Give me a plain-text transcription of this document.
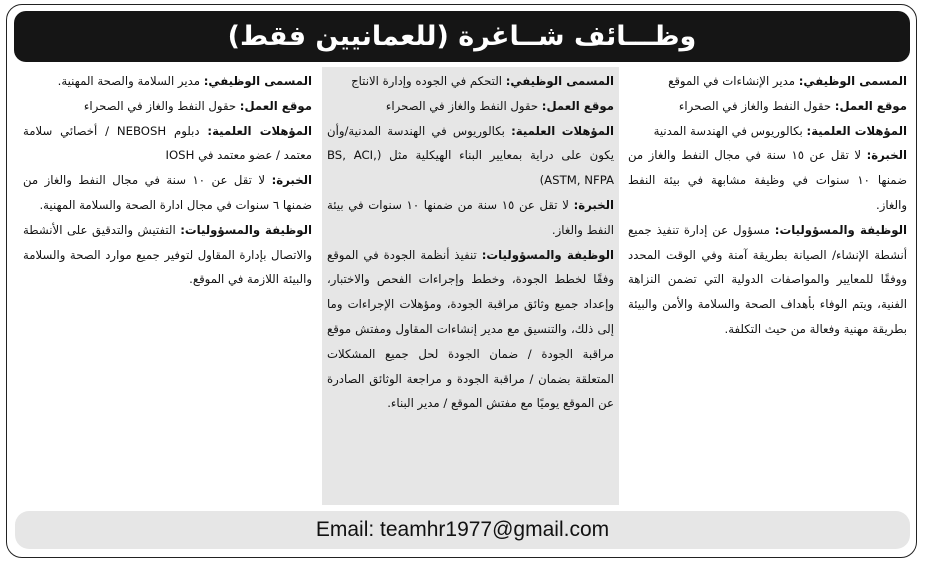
وظـــائف شــاغرة (للعمانيين فقط)

المسمى الوظيفي: مدير الإنشاءات في الموقع

موقع العمل: حقول النفط والغاز في الصحراء

المؤهلات العلمية: بكالوريوس في الهندسة المدنية

الخبرة: لا تقل عن ١٥ سنة في مجال النفط والغاز من ضمنها ١٠ سنوات في وظيفة مشابهة في بيئة النفط والغاز.

الوظيفة والمسؤوليات: مسؤول عن إدارة تنفيذ جميع أنشطة الإنشاء/ الصيانة بطريقة آمنة وفي الوقت المحدد ووفقًا للمعايير والمواصفات الدولية التي تضمن النزاهة الفنية، ويتم الوفاء بأهداف الصحة والسلامة والأمن والبيئة بطريقة مهنية وفعالة من حيث التكلفة.

المسمى الوظيفي: التحكم في الجوده وإدارة الانتاج

موقع العمل: حقول النفط والغاز في الصحراء

المؤهلات العلمية: بكالوريوس في الهندسة المدنية/وأن يكون على دراية بمعايير البناء الهيكلية مثل (BS, ACI, ASTM, NFPA)

الخبرة: لا تقل عن ١٥ سنة من ضمنها ١٠ سنوات في بيئة النفط والغاز.

الوظيفة والمسؤوليات: تنفيذ أنظمة الجودة في الموقع وفقًا لخطط الجودة، وخطط وإجراءات الفحص والاختبار، وإعداد جميع وثائق مراقبة الجودة، ومؤهلات الإجراءات وما إلى ذلك، والتنسيق مع مدير إنشاءات المقاول ومفتش موقع مراقبة الجودة / ضمان الجودة لحل جميع المشكلات المتعلقة بضمان / مراقبة الجودة و مراجعة الوثائق الصادرة عن الموقع يوميًا مع مفتش الموقع / مدير البناء.

المسمى الوظيفي: مدير السلامة والصحة المهنية.

موقع العمل: حقول النفط والغاز في الصحراء

المؤهلات العلمية: دبلوم NEBOSH / أخصائي سلامة معتمد / عضو معتمد في IOSH

الخبرة: لا تقل عن ١٠ سنة في مجال النفط والغاز من ضمنها ٦ سنوات في مجال ادارة الصحة والسلامة المهنية.

الوظيفة والمسؤوليات: التفتيش والتدقيق على الأنشطة والاتصال بإدارة المقاول لتوفير جميع موارد الصحة والسلامة والبيئة اللازمة في الموقع.

Email: teamhr1977@gmail.com
